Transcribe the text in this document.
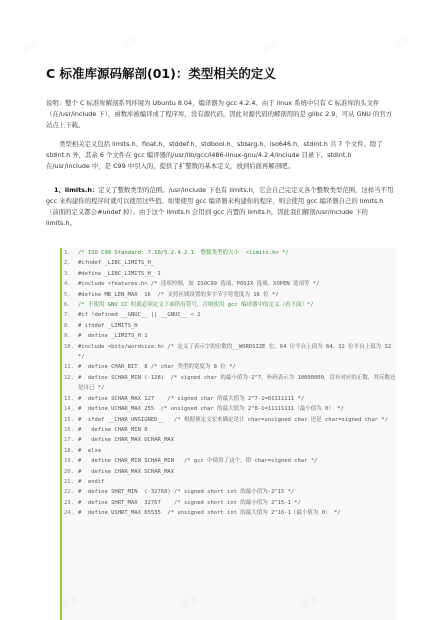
C 标准库源码解剖(01)：类型相关的定义

说明：整个 C 标准库解剖系列环境为 Ubuntu 8.04，编译器为 gcc 4.2.4。由于 linux 系统中只有 C 标准库的头文件（在/usr/include 下），函数库被编译成了程序库，没有源代码，因此对源代码的解剖用的是 glibc 2.9，可从 GNU 的官方站点上下载。

类型相关定义包括 limits.h、float.h、stddef.h、stdbool.h、stdarg.h、iso646.h、stdint.h 共 7 个文件。除了 stdint.h 外，其余 6 个文件在 gcc 编译器的/usr/lib/gcc/i486-linux-gnu/4.2.4/include 目录下。stdint.h 在/usr/include 中，是 C99 中引入的，提供了扩整数的基本定义，放到后面再解剖吧。

1、limits.h：定义了整数类型的范围。/usr/include 下也有 limits.h，它会自己完定义各个整数类型范围，这样当不用 gcc 来构建你的程序时就可以使用这些值。如果使用 gcc 编译器来构建你的程序，则会使用 gcc 编译器自己的 limits.h（前面的定义都会#undef 掉）。由于这个 limits.h 会用到 gcc 内置的 limits.h，因此我们解剖/usr/include 下的 limits.h。

1. /* ISO C99 Standard: 7.10/5.2.4.2.1  整数类型的大小  <limits.h> */
2. #ifndef _LIBC_LIMITS_H_
3. #define _LIBC_LIMITS_H_ 1
4. #include <features.h> /* 选项控制，如 ISOC99 选项、POSIX 选项、XOPEN 选项等 */
5. #define MB_LEN_MAX  16  /* 支持区域设置的多字节字符宽度为 16 位 */
6. /* 不使用 GNU CC 时就必须定义下面所有符号，否则使用 gcc 编译器中的定义（看下面）*/
7. #if !defined __GNUC__ || __GNUC__ < 2
8. # ifndef _LIMITS_H
9. #  define _LIMITS_H 1
10. #include <bits/wordsize.h> /* 定义了表示字的位数的__WORDSIZE 宏，64 位平台上值为 64，32 位平台上值为 32 */
11. #  define CHAR_BIT  8 /* char 类型的宽度为 8 位 */
12. #  define SCHAR_MIN (-128)  /* signed char 的最小值为-2^7，补码表示为 10000000，没有对应的正数，其反数还是自己 */
13. #  define SCHAR_MAX 127    /* signed char 的最大值为 2^7-1=01111111 */
14. #  define UCHAR_MAX 255  /* unsigned char 的最大值为 2^8-1=11111111（最小值为 0） */
15. #  ifdef __CHAR_UNSIGNED__   /* 根据预定义宏来确定是让 char=unsigned char 还是 char=signed char */
16. #   define CHAR_MIN 0
17. #   define CHAR_MAX UCHAR_MAX
18. #  else
19. #   define CHAR_MIN SCHAR_MIN   /* gcc 中使用了这个，即 char=signed char */
20. #   define CHAR_MAX SCHAR_MAX
21. #  endif
22. #  define SHRT_MIN  (-32768) /* signed short int 的最小值为-2^15 */
23. #  define SHRT_MAX  32767    /* signed short int 的最小值为 2^15-1 */
24. #  define USHRT_MAX 65535  /* unsigned short int 的最大值为 2^16-1（最小值为 0） */
试读
试读
试读
试读
